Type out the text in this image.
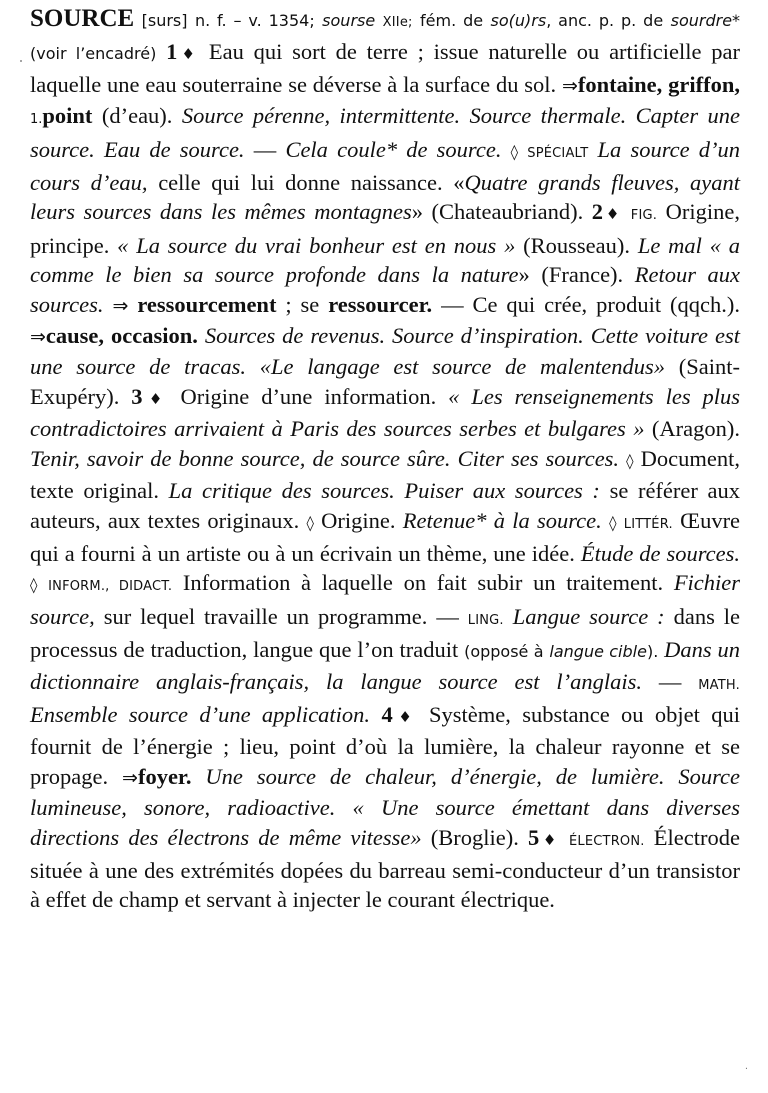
SOURCE [surs] n. f. – v. 1354; sourse XIIe; fém. de so(u)rs, anc. p. p. de sourdre* (voir l’encadré) 1♦ Eau qui sort de terre ; issue naturelle ou artificielle par laquelle une eau souterraine se déverse à la surface du sol. ⇒fontaine, griffon, 1.point (d’eau). Source pérenne, intermittente. Source thermale. Capter une source. Eau de source. — Cela coule* de source. ◊ SPÉCIALT La source d’un cours d’eau, celle qui lui donne naissance. «Quatre grands fleuves, ayant leurs sources dans les mêmes montagnes» (Chateaubriand). 2♦ FIG. Origine, principe. « La source du vrai bonheur est en nous » (Rousseau). Le mal « a comme le bien sa source profonde dans la nature» (France). Retour aux sources. ⇒ ressourcement ; se ressourcer. — Ce qui crée, produit (qqch.). ⇒cause, occasion. Sources de revenus. Source d’inspiration. Cette voiture est une source de tracas. «Le langage est source de malentendus» (Saint-Exupéry). 3♦ Origine d’une information. « Les renseignements les plus contradictoires arrivaient à Paris des sources serbes et bulgares » (Aragon). Tenir, savoir de bonne source, de source sûre. Citer ses sources. ◊ Document, texte original. La critique des sources. Puiser aux sources : se référer aux auteurs, aux textes originaux. ◊ Origine. Retenue* à la source. ◊ LITTÉR. Œuvre qui a fourni à un artiste ou à un écrivain un thème, une idée. Étude de sources. ◊ INFORM., DIDACT. Information à laquelle on fait subir un traitement. Fichier source, sur lequel travaille un programme. — LING. Langue source : dans le processus de traduction, langue que l’on traduit (opposé à langue cible). Dans un dictionnaire anglais-français, la langue source est l’anglais. — MATH. Ensemble source d’une application. 4♦ Système, substance ou objet qui fournit de l’énergie ; lieu, point d’où la lumière, la chaleur rayonne et se propage. ⇒foyer. Une source de chaleur, d’énergie, de lumière. Source lumineuse, sonore, radioactive. « Une source émettant dans diverses directions des électrons de même vitesse» (Broglie). 5♦ ÉLECTRON. Électrode située à une des extrémités dopées du barreau semi-conducteur d’un transistor à effet de champ et servant à injecter le courant électrique.
·
